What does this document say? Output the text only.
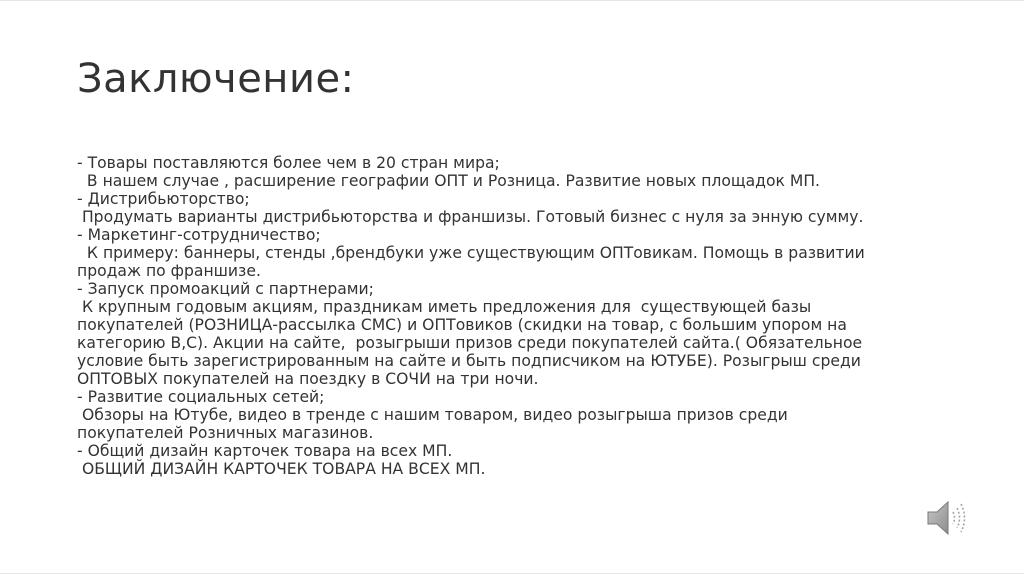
Заключение:
- Товары поставляются более чем в 20 стран мира;
В нашем случае , расширение географии ОПТ и Розница. Развитие новых площадок МП.
- Дистрибьюторство;
Продумать варианты дистрибьюторства и франшизы. Готовый бизнес с нуля за энную сумму.
- Маркетинг-сотрудничество;
К примеру: баннеры, стенды ,брендбуки уже существующим ОПТовикам. Помощь в развитии
продаж по франшизе.
- Запуск промоакций с партнерами;
К крупным годовым акциям, праздникам иметь предложения для  существующей базы
покупателей (РОЗНИЦА-рассылка СМС) и ОПТовиков (скидки на товар, с большим упором на
категорию В,С). Акции на сайте,  розыгрыши призов среди покупателей сайта.( Обязательное
условие быть зарегистрированным на сайте и быть подписчиком на ЮТУБЕ). Розыгрыш среди
ОПТОВЫХ покупателей на поездку в СОЧИ на три ночи.
- Развитие социальных сетей;
Обзоры на Ютубе, видео в тренде с нашим товаром, видео розыгрыша призов среди
покупателей Розничных магазинов.
- Общий дизайн карточек товара на всех МП.
ОБЩИЙ ДИЗАЙН КАРТОЧЕК ТОВАРА НА ВСЕХ МП.
